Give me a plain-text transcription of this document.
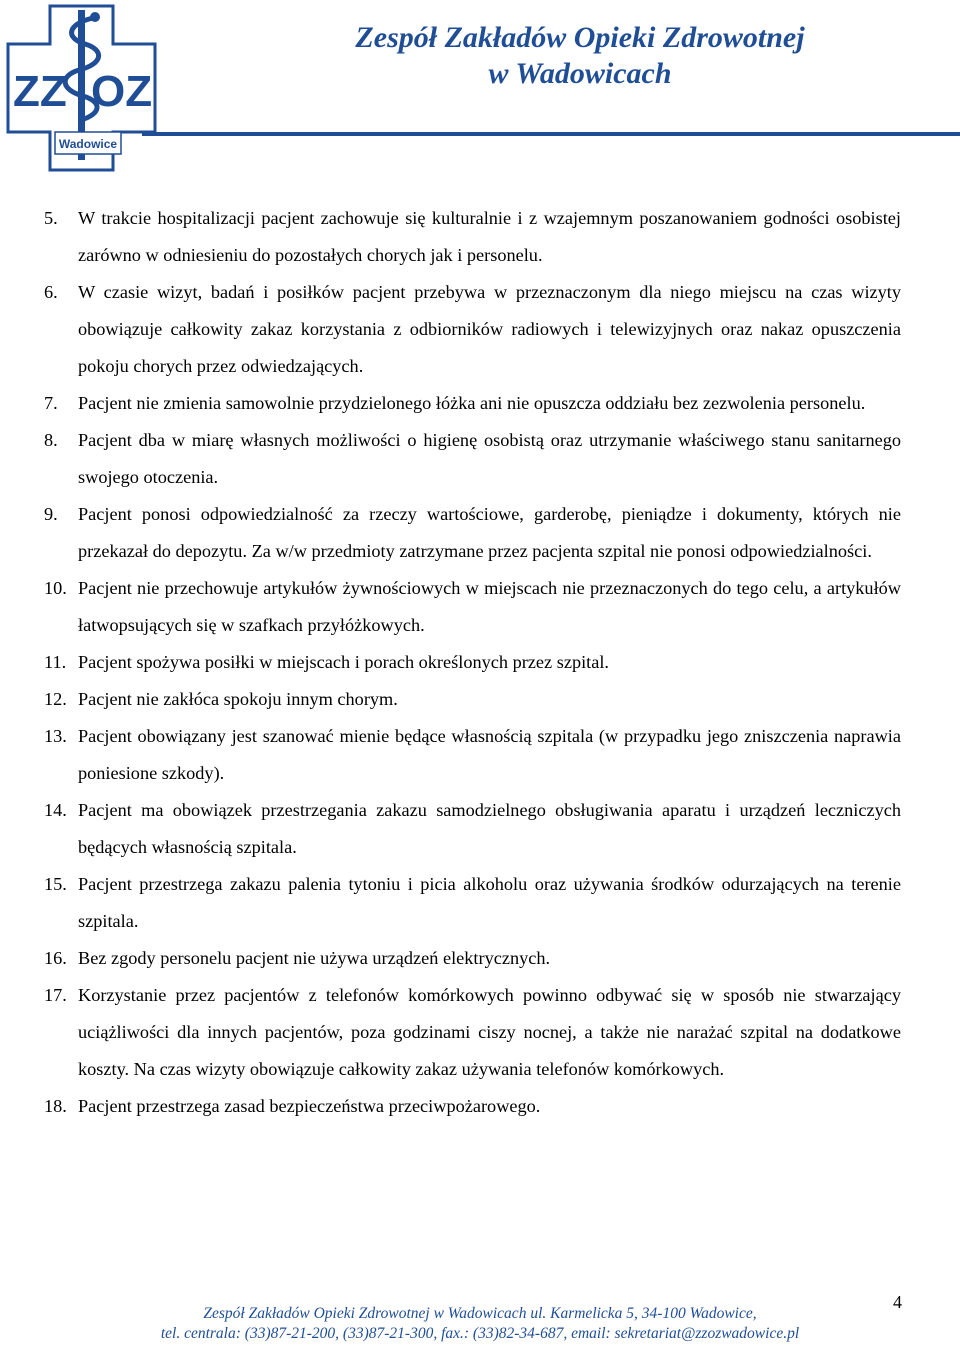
ZZ OZ
Wadowice
Zespół Zakładów Opieki Zdrowotnej
w Wadowicach
5. W trakcie hospitalizacji pacjent zachowuje się kulturalnie i z wzajemnym poszanowaniem godności osobistej zarówno w odniesieniu do pozostałych chorych jak i personelu.
6. W czasie wizyt, badań i posiłków pacjent przebywa w przeznaczonym dla niego miejscu na czas wizyty obowiązuje całkowity zakaz korzystania z odbiorników radiowych i telewizyjnych oraz nakaz opuszczenia pokoju chorych przez odwiedzających.
7. Pacjent nie zmienia samowolnie przydzielonego łóżka ani nie opuszcza oddziału bez zezwolenia personelu.
8. Pacjent dba w miarę własnych możliwości o higienę osobistą oraz utrzymanie właściwego stanu sanitarnego swojego otoczenia.
9. Pacjent ponosi odpowiedzialność za rzeczy wartościowe, garderobę, pieniądze i dokumenty, których nie przekazał do depozytu. Za w/w przedmioty zatrzymane przez pacjenta szpital nie ponosi odpowiedzialności.
10. Pacjent nie przechowuje artykułów żywnościowych w miejscach nie przeznaczonych do tego celu, a artykułów łatwopsujących się w szafkach przyłóżkowych.
11. Pacjent spożywa posiłki w miejscach i porach określonych przez szpital.
12. Pacjent nie zakłóca spokoju innym chorym.
13. Pacjent obowiązany jest szanować mienie będące własnością szpitala (w przypadku jego zniszczenia naprawia poniesione szkody).
14. Pacjent ma obowiązek przestrzegania zakazu samodzielnego obsługiwania aparatu i urządzeń leczniczych będących własnością szpitala.
15. Pacjent przestrzega zakazu palenia tytoniu i picia alkoholu oraz używania środków odurzających na terenie szpitala.
16. Bez zgody personelu pacjent nie używa urządzeń elektrycznych.
17. Korzystanie przez pacjentów z telefonów komórkowych powinno odbywać się w sposób nie stwarzający uciążliwości dla innych pacjentów, poza godzinami ciszy nocnej, a także nie narażać szpital na dodatkowe koszty. Na czas wizyty obowiązuje całkowity zakaz używania telefonów komórkowych.
18. Pacjent przestrzega zasad bezpieczeństwa przeciwpożarowego.
Zespół Zakładów Opieki Zdrowotnej w Wadowicach ul. Karmelicka 5, 34-100 Wadowice,
tel. centrala: (33)87-21-200, (33)87-21-300, fax.: (33)82-34-687, email: sekretariat@zzozwadowice.pl
4
